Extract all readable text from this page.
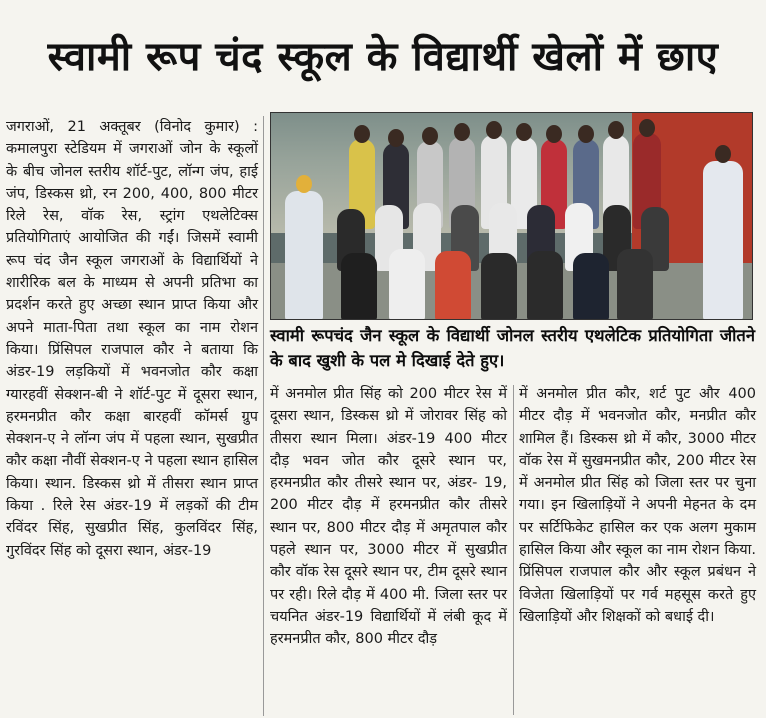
स्वामी रूप चंद स्कूल के विद्यार्थी खेलों में छाए

जगराओं, 21 अक्तूबर (विनोद कुमार) : कमालपुरा स्टेडियम में जगराओं जोन के स्कूलों के बीच जोनल स्तरीय शॉर्ट-पुट, लॉन्ग जंप, हाई जंप, डिस्कस थ्रो, रन 200, 400, 800 मीटर रिले रेस, वॉक रेस, स्ट्रांग एथलेटिक्स प्रतियोगिताएं आयोजित की गईं। जिसमें स्वामी रूप चंद जैन स्कूल जगराओं के विद्यार्थियों ने शारीरिक बल के माध्यम से अपनी प्रतिभा का प्रदर्शन करते हुए अच्छा स्थान प्राप्त किया और अपने माता-पिता तथा स्कूल का नाम रोशन किया। प्रिंसिपल राजपाल कौर ने बताया कि अंडर-19 लड़कियों में भवनजोत कौर कक्षा ग्यारहवीं सेक्शन-बी ने शॉर्ट-पुट में दूसरा स्थान, हरमनप्रीत कौर कक्षा बारहवीं कॉमर्स ग्रुप सेक्शन-ए ने लॉन्ग जंप में पहला स्थान, सुखप्रीत कौर कक्षा नौवीं सेक्शन-ए ने पहला स्थान हासिल किया। स्थान. डिस्कस थ्रो में तीसरा स्थान प्राप्त किया . रिले रेस अंडर-19 में लड़कों की टीम रविंदर सिंह, सुखप्रीत सिंह, कुलविंदर सिंह, गुरविंदर सिंह को दूसरा स्थान, अंडर-19

स्वामी रूपचंद जैन स्कूल के विद्यार्थी जोनल स्तरीय एथलेटिक प्रतियोगिता जीतने के बाद खुशी के पल मे दिखाई देते हुए।

में अनमोल प्रीत सिंह को 200 मीटर रेस में दूसरा स्थान, डिस्कस थ्रो में जोरावर सिंह को तीसरा स्थान मिला। अंडर-19 400 मीटर दौड़ भवन जोत कौर दूसरे स्थान पर, हरमनप्रीत कौर तीसरे स्थान पर, अंडर- 19, 200 मीटर दौड़ में हरमनप्रीत कौर तीसरे स्थान पर, 800 मीटर दौड़ में अमृतपाल कौर पहले स्थान पर, 3000 मीटर में सुखप्रीत कौर वॉक रेस दूसरे स्थान पर, टीम दूसरे स्थान पर रही। रिले दौड़ में 400 मी. जिला स्तर पर चयनित अंडर-19 विद्यार्थियों में लंबी कूद में हरमनप्रीत कौर, 800 मीटर दौड़

में अनमोल प्रीत कौर, शर्ट पुट और 400 मीटर दौड़ में भवनजोत कौर, मनप्रीत कौर शामिल हैं। डिस्कस थ्रो में कौर, 3000 मीटर वॉक रेस में सुखमनप्रीत कौर, 200 मीटर रेस में अनमोल प्रीत सिंह को जिला स्तर पर चुना गया। इन खिलाड़ियों ने अपनी मेहनत के दम पर सर्टिफिकेट हासिल कर एक अलग मुकाम हासिल किया और स्कूल का नाम रोशन किया. प्रिंसिपल राजपाल कौर और स्कूल प्रबंधन ने विजेता खिलाड़ियों पर गर्व महसूस करते हुए खिलाड़ियों और शिक्षकों को बधाई दी।
